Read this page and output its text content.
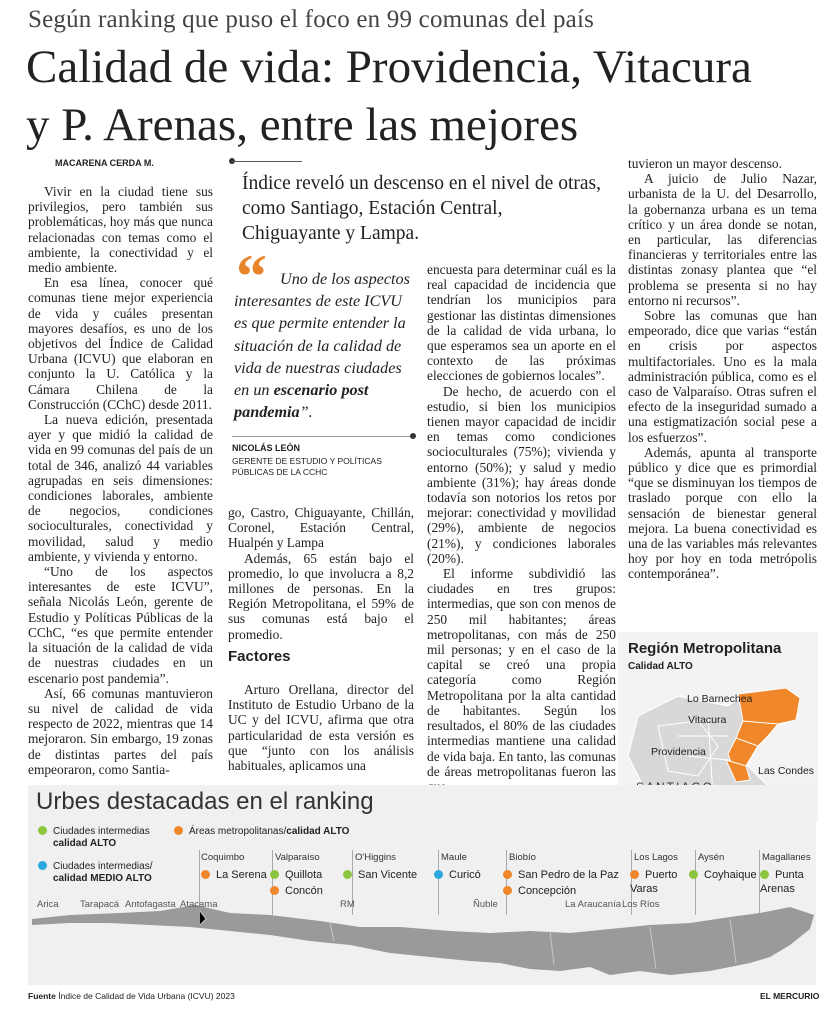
Según ranking que puso el foco en 99 comunas del país
Calidad de vida: Providencia, Vitacura
y P. Arenas, entre las mejores
MACARENA CERDA M.

Vivir en la ciudad tiene sus privilegios, pero también sus problemáticas, hoy más que nunca relacionadas con temas como el ambiente, la conectividad y el medio ambiente.

En esa línea, conocer qué comunas tiene mejor experiencia de vida y cuáles presentan mayores desafíos, es uno de los objetivos del Índice de Calidad Urbana (ICVU) que elaboran en conjunto la U. Católica y la Cámara Chilena de la Construcción (CChC) desde 2011.

La nueva edición, presentada ayer y que midió la calidad de vida en 99 comunas del país de un total de 346, analizó 44 variables agrupadas en seis dimensiones: condiciones laborales, ambiente de negocios, condiciones socioculturales, conectividad y movilidad, salud y medio ambiente, y vivienda y entorno.

“Uno de los aspectos interesantes de este ICVU”, señala Nicolás León, gerente de Estudio y Políticas Públicas de la CChC, “es que permite entender la situación de la calidad de vida de nuestras ciudades en un escenario post pandemia”.

Así, 66 comunas mantuvieron su nivel de calidad de vida respecto de 2022, mientras que 14 mejoraron. Sin embargo, 19 zonas de distintas partes del país empeoraron, como Santia-

Índice reveló un descenso en el nivel de otras, como Santiago, Estación Central, Chiguayante y Lampa.
“ Uno de los aspectos interesantes de este ICVU es que permite entender la situación de la calidad de vida de nuestras ciudades en un escenario post pandemia”.
NICOLÁS LEÓN
GERENTE DE ESTUDIO Y POLÍTICAS PÚBLICAS DE LA CCHC

go, Castro, Chiguayante, Chillán, Coronel, Estación Central, Hualpén y Lampa

Además, 65 están bajo el promedio, lo que involucra a 8,2 millones de personas. En la Región Metropolitana, el 59% de sus comunas está bajo el promedio.

Factores

Arturo Orellana, director del Instituto de Estudio Urbano de la UC y del ICVU, afirma que otra particularidad de esta versión es que “junto con los análisis habituales, aplicamos una

encuesta para determinar cuál es la real capacidad de incidencia que tendrían los municipios para gestionar las distintas dimensiones de la calidad de vida urbana, lo que esperamos sea un aporte en el contexto de las próximas elecciones de gobiernos locales”.

De hecho, de acuerdo con el estudio, si bien los municipios tienen mayor capacidad de incidir en temas como condiciones socioculturales (75%); vivienda y entorno (50%); y salud y medio ambiente (31%); hay áreas donde todavía son notorios los retos por mejorar: conectividad y movilidad (29%), ambiente de negocios (21%), y condiciones laborales (20%).

El informe subdividió las ciudades en tres grupos: intermedias, que son con menos de 250 mil habitantes; áreas metropolitanas, con más de 250 mil personas; y en el caso de la capital se creó una propia categoría como Región Metropolitana por la alta cantidad de habitantes. Según los resultados, el 80% de las ciudades intermedias mantiene una calidad de vida baja. En tanto, las comunas de áreas metropolitanas fueron las

tuvieron un mayor descenso.

A juicio de Julio Nazar, urbanista de la U. del Desarrollo, la gobernanza urbana es un tema crítico y un área donde se notan, en particular, las diferencias financieras y territoriales entre las distintas zonasy plantea que “el problema se presenta si no hay entorno ni recursos”.

Sobre las comunas que han empeorado, dice que varias “están en crisis por aspectos multifactoriales. Uno es la mala administración pública, como es el caso de Valparaíso. Otras sufren el efecto de la inseguridad sumado a una estigmatización social pese a los esfuerzos”.

Además, apunta al transporte público y dice que es primordial “que se disminuyan los tiempos de traslado porque con ello la sensación de bienestar general mejora. La buena conectividad es una de las variables más relevantes hoy por hoy en toda metrópolis contemporánea”.

Región Metropolitana
Calidad ALTO
Lo Barnechea
Vitacura
Providencia
Las Condes
Urbes destacadas en el ranking
Ciudades intermedias
calidad ALTO
Áreas metropolitanas/calidad ALTO
Ciudades intermedias/
calidad MEDIO ALTO
Coquimbo	Valparaíso	O'Higgins	Maule	Biobío	Los Lagos Aysén	Magallanes
La Serena	Quillota
Concón
San Vicente	Curicó	San Pedro de la Paz
Concepción
Puerto Varas
Coyhaique	Punta Arenas
Arica Tarapacá Antofagasta Atacama	RM	Ñuble	La Araucanía Los Ríos
Fuente Índice de Calidad de Vida Urbana (ICVU) 2023	EL MERCURIO
